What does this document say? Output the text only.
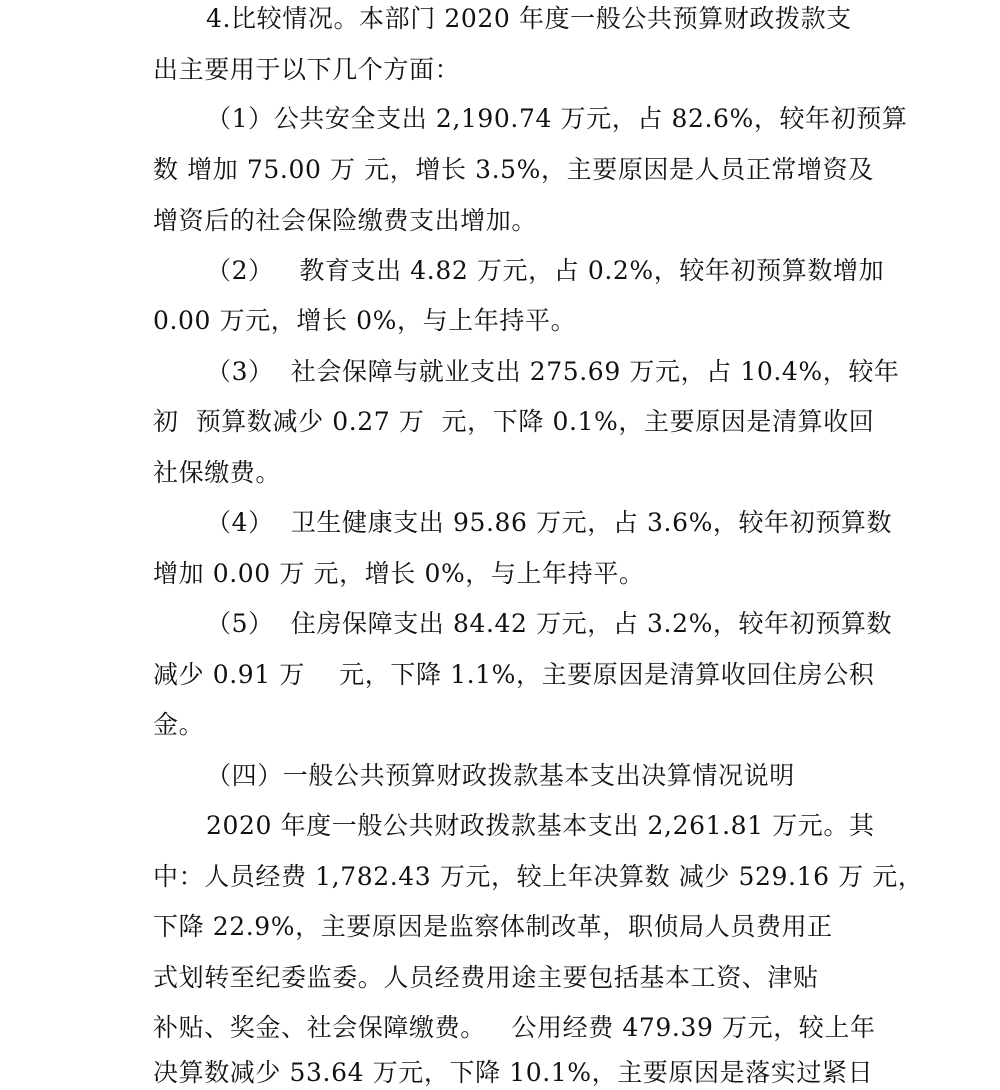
4.比较情况。本部门 2020 年度一般公共预算财政拨款支
出主要用于以下几个方面：
（1）公共安全支出 2,190.74 万元，占 82.6%，较年初预算
数 增加 75.00 万 元，增长 3.5%，主要原因是人员正常增资及
增资后的社会保险缴费支出增加。
（2）   教育支出 4.82 万元，占 0.2%，较年初预算数增加
0.00 万元，增长 0%，与上年持平。
（3）  社会保障与就业支出 275.69 万元，占 10.4%，较年
初  预算数减少 0.27 万  元，下降 0.1%，主要原因是清算收回
社保缴费。
（4）  卫生健康支出 95.86 万元，占 3.6%，较年初预算数
增加 0.00 万 元，增长 0%，与上年持平。
（5）  住房保障支出 84.42 万元，占 3.2%，较年初预算数
减少 0.91 万    元，下降 1.1%，主要原因是清算收回住房公积
金。
（四）一般公共预算财政拨款基本支出决算情况说明
2020 年度一般公共财政拨款基本支出 2,261.81 万元。其
中：人员经费 1,782.43 万元，较上年决算数 减少 529.16 万 元，
下降 22.9%，主要原因是监察体制改革，职侦局人员费用正
式划转至纪委监委。人员经费用途主要包括基本工资、津贴
补贴、奖金、社会保障缴费。   公用经费 479.39 万元，较上年
决算数减少 53.64 万元，下降 10.1%，主要原因是落实过紧日
